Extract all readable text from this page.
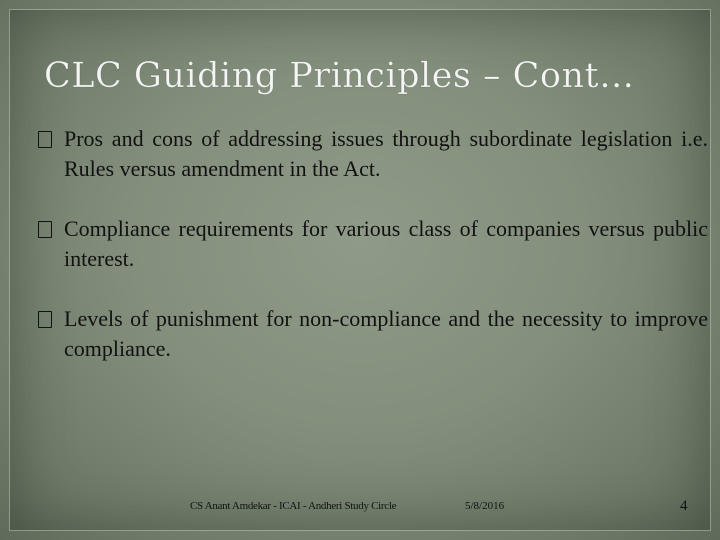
CLC Guiding Principles – Cont…
Pros and cons of addressing issues through subordinate legislation i.e. Rules versus amendment in the Act.
Compliance requirements for various class of companies versus public interest.
Levels of punishment for non-compliance and the necessity to improve compliance.
CS Anant Amdekar - ICAI - Andheri Study Circle	5/8/2016	4
